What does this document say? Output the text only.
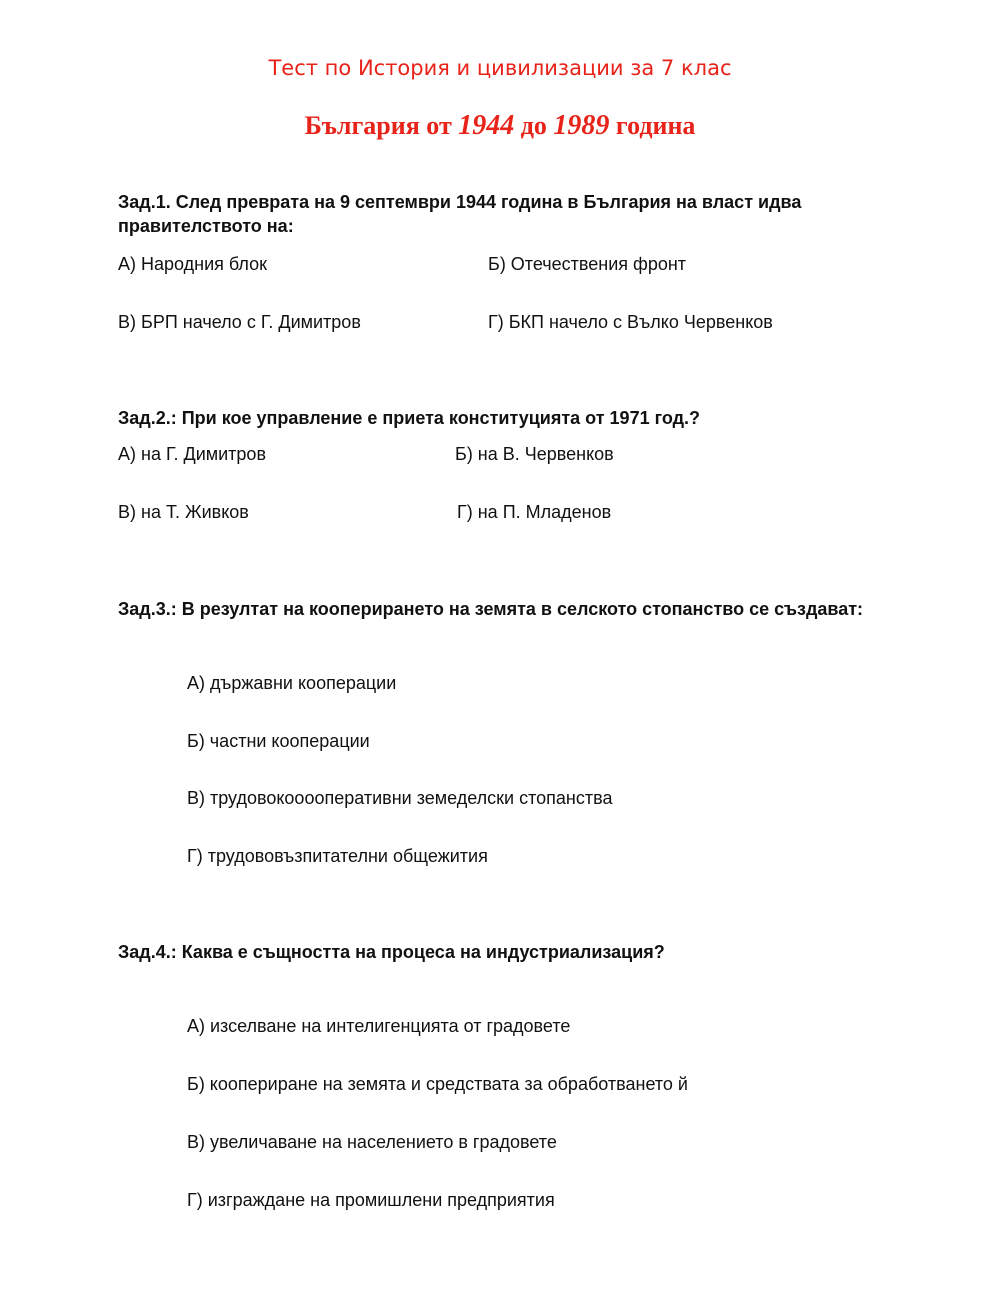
Тест по История и цивилизации за 7 клас
България от 1944 до 1989 година
Зад.1. След превратa на 9 септември 1944 година в България на власт идва
правителството на:
А) Народния блок	Б) Отечествения фронт
В) БРП начело с Г. Димитров	Г) БКП начело с Вълко Червенков
Зад.2.: При кое управление е приета конституцията от 1971 год.?
А) на Г. Димитров	Б) на В. Червенков
В) на Т. Живков	Г) на П. Младенов
Зад.3.: В резултат на кооперирането на земята в селското стопанство се създават:
А) държавни кооперации
Б) частни кооперации
В) трудовокооооперативни земеделски стопанства
Г) трудововъзпитателни общежития
Зад.4.: Каква е същността на процеса на индустриализация?
А) изселване на интелигенцията от градовете
Б) коопериране на земята и средствата за обработването й
В) увеличаване на населението в градовете
Г) изграждане на промишлени предприятия
